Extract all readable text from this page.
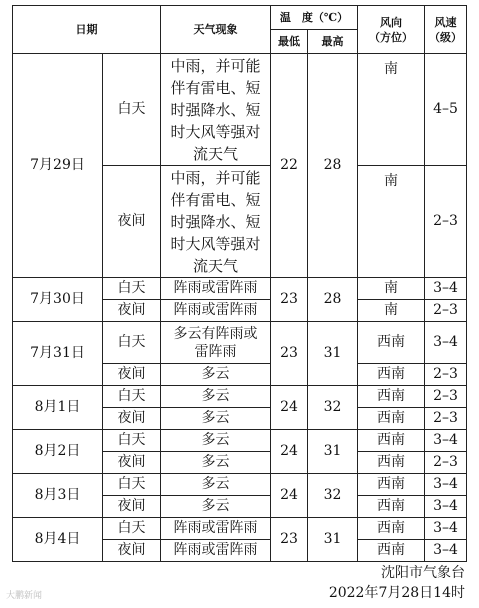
日期		天气现象	温　度（℃）		风向
（方位）	风速
（级）

			最低	最高		
7月29日	白天	中雨，并可能
伴有雷电、短
时强降水、短
时大风等强对
流天气	22	28	南	4–5
	夜间	中雨，并可能
伴有雷电、短
时强降水、短
时大风等强对
流天气			南	2–3
7月30日	白天	阵雨或雷阵雨	23	28	南	3–4
	夜间	阵雨或雷阵雨			南	2–3
7月31日	白天	多云有阵雨或
雷阵雨	23	31	西南	3–4
	夜间	多云			西南	2–3
8月1日	白天	多云	24	32	西南	2–3
	夜间	多云			西南	2–3
8月2日	白天	多云	24	31	西南	3–4
	夜间	多云			西南	2–3
8月3日	白天	多云	24	32	西南	3–4
	夜间	多云			西南	3–4
8月4日	白天	阵雨或雷阵雨	23	31	西南	3–4
	夜间	阵雨或雷阵雨			西南	3–4
沈阳市气象台
2022年7月28日14时
大鹏新闻
